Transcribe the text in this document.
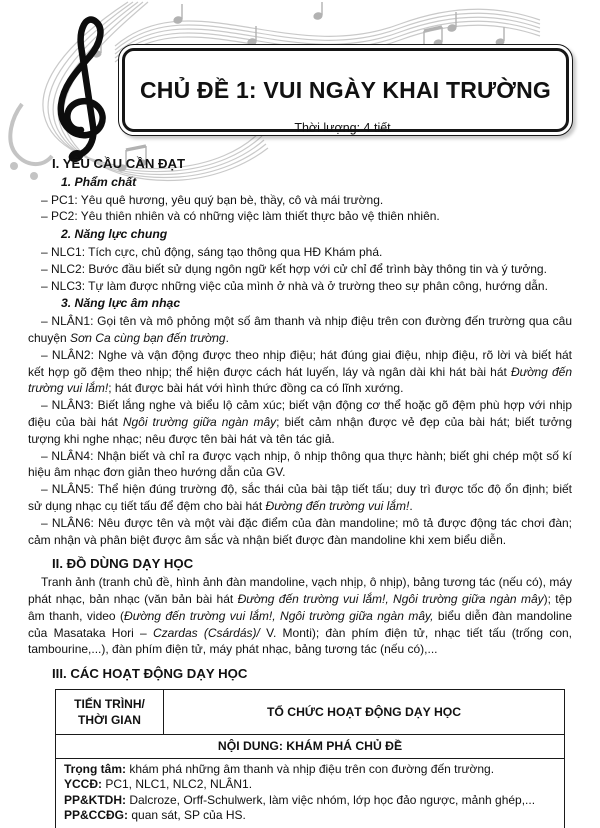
CHỦ ĐỀ 1: VUI NGÀY KHAI TRƯỜNG
Thời lượng: 4 tiết
I. YÊU CẦU CẦN ĐẠT
1. Phẩm chất
– PC1: Yêu quê hương, yêu quý bạn bè, thầy, cô và mái trường.
– PC2: Yêu thiên nhiên và có những việc làm thiết thực bảo vệ thiên nhiên.
2. Năng lực chung
– NLC1: Tích cực, chủ động, sáng tạo thông qua HĐ Khám phá.
– NLC2: Bước đầu biết sử dụng ngôn ngữ kết hợp với cử chỉ để trình bày thông tin và ý tưởng.
– NLC3: Tự làm được những việc của mình ở nhà và ở trường theo sự phân công, hướng dẫn.
3. Năng lực âm nhạc
– NLÂN1: Gọi tên và mô phỏng một số âm thanh và nhịp điệu trên con đường đến trường qua câu chuyện Sơn Ca cùng bạn đến trường.
– NLÂN2: Nghe và vận động được theo nhịp điệu; hát đúng giai điệu, nhịp điệu, rõ lời và biết hát kết hợp gõ đệm theo nhịp; thể hiện được cách hát luyến, láy và ngân dài khi hát bài hát Đường đến trường vui lắm!; hát được bài hát với hình thức đồng ca có lĩnh xướng.
– NLÂN3: Biết lắng nghe và biểu lộ cảm xúc; biết vận động cơ thể hoặc gõ đệm phù hợp với nhịp điệu của bài hát Ngôi trường giữa ngàn mây; biết cảm nhận được vẻ đẹp của bài hát; biết tưởng tượng khi nghe nhạc; nêu được tên bài hát và tên tác giả.
– NLÂN4: Nhận biết và chỉ ra được vạch nhịp, ô nhịp thông qua thực hành; biết ghi chép một số kí hiệu âm nhạc đơn giản theo hướng dẫn của GV.
– NLÂN5: Thể hiện đúng trường độ, sắc thái của bài tập tiết tấu; duy trì được tốc độ ổn định; biết sử dụng nhạc cụ tiết tấu để đệm cho bài hát Đường đến trường vui lắm!.
– NLÂN6: Nêu được tên và một vài đặc điểm của đàn mandoline; mô tả được động tác chơi đàn; cảm nhận và phân biệt được âm sắc và nhận biết được đàn mandoline khi xem biểu diễn.
II. ĐỒ DÙNG DẠY HỌC
Tranh ảnh (tranh chủ đề, hình ảnh đàn mandoline, vạch nhịp, ô nhịp), bảng tương tác (nếu có), máy phát nhạc, bản nhạc (văn bản bài hát Đường đến trường vui lắm!, Ngôi trường giữa ngàn mây); tệp âm thanh, video (Đường đến trường vui lắm!, Ngôi trường giữa ngàn mây, biểu diễn đàn mandoline của Masataka Hori – Czardas (Csárdás)/ V. Monti); đàn phím điện tử, nhạc tiết tấu (trống con, tambourine,...), đàn phím điện tử, máy phát nhạc, bảng tương tác (nếu có),...
III. CÁC HOẠT ĐỘNG DẠY HỌC
TIẾN TRÌNH/
THỜI GIAN
	TỔ CHỨC HOẠT ĐỘNG DẠY HỌC
NỘI DUNG: KHÁM PHÁ CHỦ ĐỀ

Trọng tâm: khám phá những âm thanh và nhịp điệu trên con đường đến trường.
YCCĐ: PC1, NLC1, NLC2, NLÂN1.
PP&KTDH: Dalcroze, Orff-Schulwerk, làm việc nhóm, lớp học đảo ngược, mảnh ghép,...
PP&CCĐG: quan sát, SP của HS.
